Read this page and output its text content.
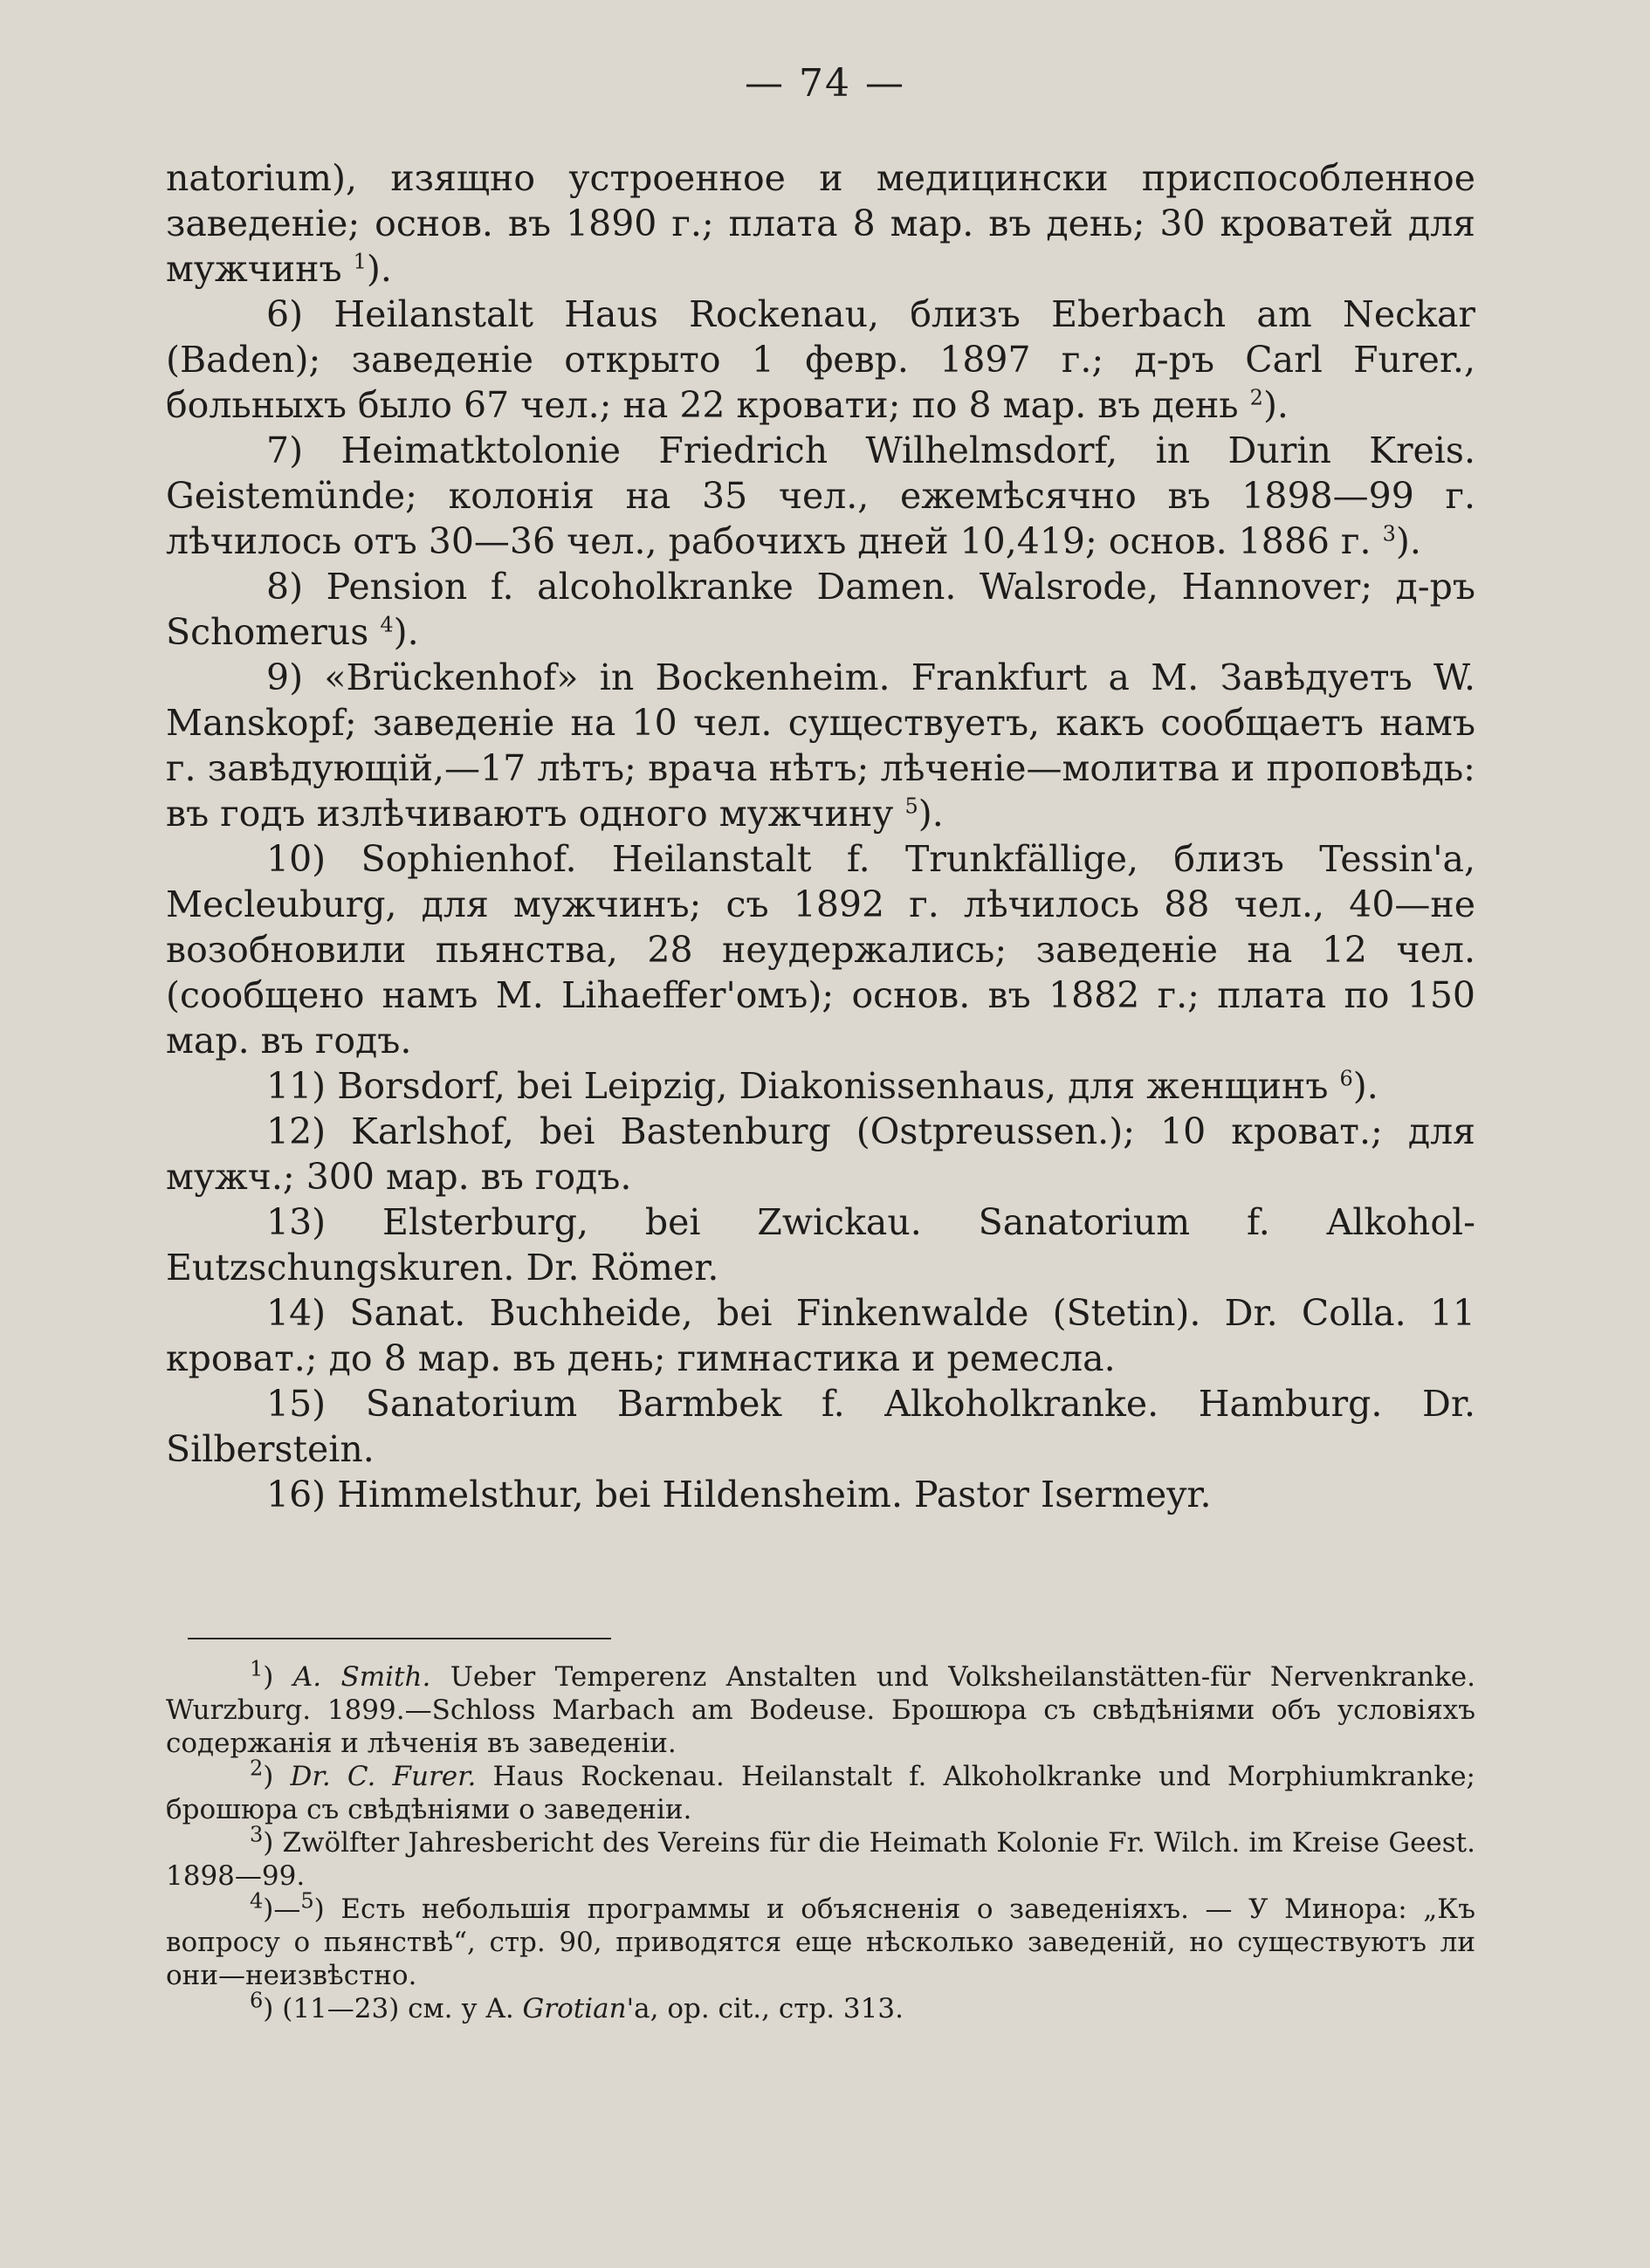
— 74 —

natorium), изящно устроенное и медицински приспособленное заведеніе; основ. въ 1890 г.; плата 8 мар. въ день; 30 кроватей для мужчинъ $^1$).

6) Heilanstalt Haus Rockenau, близъ Eberbach am Neckar (Baden); заведеніе открыто 1 февр. 1897 г.; д-ръ Carl Furer., больныхъ было 67 чел.; на 22 кровати; по 8 мар. въ день $^2$).

7) Heimatktolonie Friedrich Wilhelmsdorf, in Durin Kreis. Geistemünde; колонія на 35 чел., ежемѣсячно въ 1898—99 г. лѣчилось отъ 30—36 чел., рабочихъ дней 10,419; основ. 1886 г. $^3$).

8) Pension f. alcoholkranke Damen. Walsrode, Hannover; д-ръ Schomerus $^4$).

9) «Brückenhof» in Bockenheim. Frankfurt a M. Завѣдуетъ W. Manskopf; заведеніе на 10 чел. существуетъ, какъ сообщаетъ намъ г. завѣдующій,—17 лѣтъ; врача нѣтъ; лѣченіе—молитва и проповѣдь: въ годъ излѣчиваютъ одного мужчину $^5$).

10) Sophienhof. Heilanstalt f. Trunkfällige, близъ Tessin'a, Mecleuburg, для мужчинъ; съ 1892 г. лѣчилось 88 чел., 40—не возобновили пьянства, 28 неудержались; заведеніе на 12 чел. (сообщено намъ M. Lihaeffer'омъ); основ. въ 1882 г.; плата по 150 мар. въ годъ.

11) Borsdorf, bei Leipzig, Diakonissenhaus, для женщинъ $^6$).

12) Karlshof, bei Bastenburg (Ostpreussen.); 10 кроват.; для мужч.; 300 мар. въ годъ.

13) Elsterburg, bei Zwickau. Sanatorium f. Alkohol-Eutzschungskuren. Dr. Römer.

14) Sanat. Buchheide, bei Finkenwalde (Stetin). Dr. Colla. 11 кроват.; до 8 мар. въ день; гимнастика и ремесла.

15) Sanatorium Barmbek f. Alkoholkranke. Hamburg. Dr. Silberstein.

16) Himmelsthur, bei Hildensheim. Pastor Isermeyr.

$^1$) A. Smith. Ueber Temperenz Anstalten und Volksheilanstätten-für Nervenkranke. Wurzburg. 1899.—Schloss Marbach am Bodeuse. Брошюра съ свѣдѣніями объ условіяхъ содержанія и лѣченія въ заведеніи.

$^2$) Dr. C. Furer. Haus Rockenau. Heilanstalt f. Alkoholkranke und Morphiumkranke; брошюра съ свѣдѣніями о заведеніи.

$^3$) Zwölfter Jahresbericht des Vereins für die Heimath Kolonie Fr. Wilch. im Kreise Geest. 1898—99.

$^4$)—$^5$) Есть небольшія программы и объясненія о заведеніяхъ. — У Минора: „Къ вопросу о пьянствѣ“, стр. 90, приводятся еще нѣсколько заведеній, но существуютъ ли они—неизвѣстно.

$^6$) (11—23) см. у A. Grotian'a, op. cit., стр. 313.
